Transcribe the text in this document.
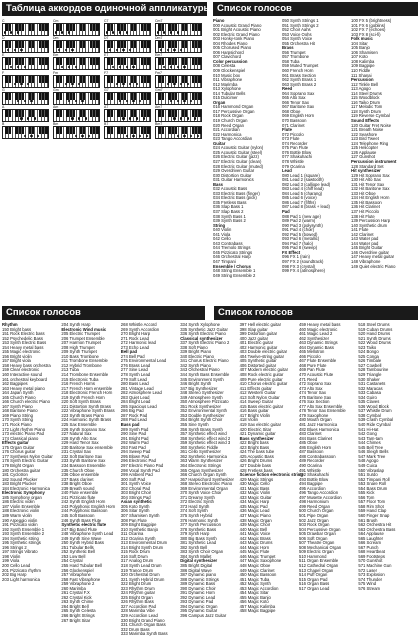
Таблица аккордов одиночной аппликатуры Список голосов
Список голосов	Список голосов
C	Cm	C7	Cm7
D	Dm	D7	Dm7
E	Em	E7	Em7
F	Fm	F7	Fm7
G	Gm	G7	Gm7
A	Am	A7	Am7
B	Bm	B7	Bm7
Piano
000 Acoustic Grand Piano
001 Bright Acoustic Piano
002 Electric Grand Piano
003 Honky-tonk Piano
004 Rhodes Piano
005 Chorused Piano
006 Harpsichord
007 Clavichord
Color percussion
008 Celesta
009 Glockenspiel
010 Music box
011 Vibraphone
012 Marimba
013 Xylophone
014 Tubular Bells
015 Dulcimer
Organ
016 Hammond Organ
017 Percussive Organ
018 Rock Organ
019 Church Organ
020 Reed Organ
021 Accordian
022 Harmonica
023 Tango Accordian
Guitar
024 Acoustic Guitar (nylon)
025 Acoustic Guitar (steel)
026 Electric Guitar (jazz)
027 Electric Guitar (clean)
028 Electric Guitar (muted)
029 Overdriven Guitar
030 Distortion Guitar
031 Guitar Harmonics
Bass
032 Acoustic Bass
033 Electric Bass (finger)
034 Electric Bass (pick)
035 Fretless Bass
036 Slap Bass 1
037 Slap Bass 2
038 Synth Bass 1
039 Synth Bass 2
String
040 Violin
041 Viola
042 Cello
043 Contrabass
044 Tremolo Strings
045 Pizzicato Strings
046 Orchestral Harp
047 Timpani
Ensemble / Chorus
048 String Ensemble 1
049 String Ensemble 2
050 Synth Strings 1
051 Synth Strings 2
052 Choir Aahs
053 Voice Oohs
054 Synth Voice
055 Orchestra Hit
Brass
056 Trumpet
057 Trombone
058 Tuba
059 Muted Trumpet
060 French Horn
061 Brass Section
062 Synth Brass 1
063 Synth Brass 2
Reed
064 Soprano Sax
065 Alto Sax
066 Tenor Sax
067 Baritone Sax
068 Oboe
069 English Horn
070 Bassoon
071 Clarinet
Flute
072 Piccolo
073 Flute
074 Recorder
075 Pan Flute
076 Bottle Blow
077 Shakuhachi
078 Whistle
079 Ocarina
Lead
080 Lead 1 (square)
081 Lead 2 (sawtooth)
082 Lead 3 (calliope lead)
083 Lead 4 (chiff lead)
084 Lead 5 (charang)
085 Lead 6 (voice)
086 Lead 7 (fifths)
087 Lead 8 (brass + lead)
Pad
088 Pad 1 (new age)
089 Pad 2 (warm)
090 Pad 3 (polysynth)
091 Pad 4 (choir)
092 Pad 5 (bowed)
093 Pad 6 (metallic)
094 Pad 7 (halo)
095 Pad 8 (sweep)
FX Effect
096 FX 1 (rain)
097 FX 2 (soundtrack)
098 FX 3 (crystal)
099 FX 4 (atmosphere)
100 FX 5 (brightness)
101 FX 6 (goblins)
102 FX 7 (echoes)
103 FX 8 (sci-fi)
Folk music
104 Sitar
105 Banjo
106 Shamisen
107 Koto
108 Kalimba
109 Bagpipe
110 Fiddle
111 Shanai
Percussion
112 Tinkle Bell
113 Agogo
114 Steel Drums
115 Woodblock
116 Taiko Drum
117 Melodic Tom
118 Synth Drum
119 Reverse Cymbal
Sound Effects
120 Guitar Fret Noise
121 Breath Noise
122 Seashore
123 Bird Tweet
124 Telephone Ring
125 Helicopter
126 Applause
127 Gunshot
Percussion instrument
128 Standard Set
Hit synthesizer
129 Hit Soprano Sax
130 Hit Alto Sax
131 Hit Tenor Sax
132 Hit Baritone Sax
133 Hit Oboe
134 Hit English Horn
135 Hit Bassoon
136 Hit Clarinet
137 Hit Piccolo
138 Hit Flute
139 Percussion Harp
140 Synthetic drum
141 Flute
142 Clarinet
143 Water pad
144 Water pad
145 Bright Guitar
146 Overdrive guitar
147 Heavy metal guitar
148 Vibraphone
149 Quiet electric Piano
Rhythm
150 Bright bass
151 Rock Electric bass
152 Psychedelic Bass
153 Synth Electric Bass
154 Heavy metal bass
155 Magic electronic
156 Bright violin
157 Bright viola
158 Heavy bass orchestra
159 Clear electronic
160 Interactive sound
161 orchestral keyboard
162 Bagpipes
163 Heavy metal piano
164 Japan Synth
165 Church Piano
166 Church electric Piano
167 Synth Piano
168 Baritone Piano
169 Piano String
170 Synth String
171 Rock Piano
172 Light rhythm Piano
173 electric Piano Pad
174 Classical piano
Effects guitar
175 Organ Guitar
176 Chorus guitar
177 Synthesis Nylon Guitar
178 Synth Electric Guitar
179 Bright Organ
180 Orchestra guitar
181 Cyclotron
182 Sound Plucker
183 Bright Plucker
184 Electronic Harmonica
Electronic Symphony
185 Symphony organ
186 Electric violin
187 Violin Ensemble
188 Electronic violin
189 Warm violin
190 Arpeggio violin
191 Pizzicato violin
192 Synth Ensemble 1
193 Synth Ensemble 2
194 Synthetic string
195 Synthetic strings
196 Strings 2
197 Strings Vibrato
198 Violin
199 Viola
200 Cello Lead
201 Pizzicato rhythm
202 Big Harp
203 Light harmonica
204 Synth Harp
Electronic Wind music
205 Electric Trumpet
206 Trumpet Ensemble
207 Harmon Trumpet
208 High Trumpet
209 Synth Trumpet
210 Bass Trombone
211 Trombone Ensemble
212 Hybrid Trombone
213 Tuba
214 Trombone Ensemble
215 Electronic Tuba
216 French Horns
217 French Horn ensemble
218 Electronic French Horn
219 Synth French Horn
220 Soft Synth Brass
221 Distortion Synth Brass
222 Vibraphone Synth Brass
223 Synth Brass Piano
224 Harmonic Synth Brass
225 Sax Ensemble
226 Synth Soprano Sax
227 Natural Sax
228 Synth Alto Sax
229 Hard Tenor Sax
230 Baritone Sax ensemble
231 Crystal Sax
232 Soft Baritone Sax
233 Synth Baritone Sax
234 Bassoon Ensemble
235 Church Oboe
236 Oboe ensemble
237 Bass clarinet
238 Bright Oboe
239 Breath sound
240 Flute ensemble
241 Pizzicato flute
242 Synth English Horn
243 Polyphonic English Horn
244 Polyphonic Bassoon
245 Soft Bassoon
246 Synth Bass Flute
Synthetic electric flute
247 Big Band Flute
248 Vibraphone Synth Lead
249 Synth Sine Wave
250 Synth Hybrid Bass
251 Tubular Bells
252 Synthetic Bell
253 Low Bell
254 Crystal
255 Hard Tubular Bell
256 Glockenspiel
257 Vibraphone
258 Fast Vibraphone
259 Vibraphone 2
260 Marimba
261 Crystal F.X
262 Crystal Kick
263 Synth Chime
264 Bright Bell
265 Synth Celesta
266 Bright Strings
267 Bright Sitar
268 Whistle Accord
269 Synth Accordion
270 Bright Harp
271 Rock Lead
272 Harmonic lead
273 Echo Lead
Bell pad
274 Bell Pad
275 Environmental Lead
276 Brass Lead
277 Sine Lead
278 Synth Lead
279 Soft Lead
280 Bass Lead
281 Vintage Lead
282 Atmosphere Lead
283 Quiet Lead
284 Bright Lead
285 Spacious Lead
286 Big Pad
287 Rock Pad
288 Pad Lead
Bass pad
289 Synth Pad
290 Sine Pad
291 Bright Pad
292 Warm Pad
293 Fast Pad
294 Sweep Pad
295 Blown Pad
296 Electronic Pad
297 Electric Piano Pad
298 Vocal Synth Pad
299 Ambient Pad
300 Soft Pad
301 Synth Voice
302 Choral Pad
303 Bright Choir
304 Strings Pad
Asian synthetic
305 Koto Synth
306 Sitar Synth
307 Shamisen Synth
308 Pan Flute
309 Bright Bagpipe
310 Synthetic Banjo
311 Ocarina
312 Ocarina Synth
313 Environmental Drum
314 Bright Synth Drum
315 Rock Drum
316 Soft Drum
317 Analog Drum
318 Synth Lead Drum
319 Trance Drum
320 Orchestral Drum
321 Synth Hybrid Drum
322 Bright Drum
323 Rhythm Drum
324 Rhythm guitar
325 Bright Organ
326 Rhythm Bass
327 Accordion Pad
328 Marimba Vibe
329 Accordion Lead
330 Bright Grand Piano
331 Church Organ Bass
332 Drum Bass
333 Marimba Synth Bass
334 Synth Xylophone
335 Synthetic Jazz Guitar
336 Synth Electric Piano
Classical synthesizer
337 Synth Electric Piano 2
338 Soft Piano
339 Bright Piano
340 Electric Piano
341 Chorus Electric Piano
342 Synth Piano
343 Orchestral Piano
344 Synth Bass Ensemble
345 Environment Synth
346 Bright Synth
347 Big Synthesizer
348 Stereo Synthesizer
349 Atmosphere Synth
350 Atmosphere Pizzicato
351 Rock Synthesizer
352 Environmental Synth
353 Double Synthesizer
354 Bright Synth Choir
355 Sine Synth
356 Synth Brass Synth
357 Synthetic effect wind
358 Synthetic effect wind 2
359 Synthetic effect wind 3
360 Synthetic Fiddle
361 Cello Synthesizer
362 Synthetic Harmonica
363 Warm Synthesizer
364 Electronic Strings
365 Organ Synthesizer
366 Church Organ Synth
367 Harpsichord Synthesizer
368 Stereo Electronic Piano
369 Environmental Organ
370 Synth Voice Choir
371 Dreamy Synth
372 Electric Synth
373 Hard Synth
374 Soft Synth
375 Synth Hybrid
376 Harmonic Synth
377 Synth Percussion
378 Synthetic Bass
379 Synth Harp
380 Big Bass Synth
381 Synthetic Lead
382 Synth Bell
383 Synth Choir Organ
384 Synth Mallet
Digital synthesizer
385 Bright Digital
386 Digital Wave
387 Dynamic piano
388 Dynamic Strings
389 Dynamic Bass
390 Dynamic Choir
391 Dynamic Horn
392 Dynamic Lead
393 Dynamic Pad
394 Dynamic Organ
395 Dynamic Guitar
396 Campus Jazz Guitar
397 Hell electric guitar
398 Slap guitar
399 Distortion guitar
400 Jazz guitar
401 Electric guitar
402 Harmonic guitar
403 Double electric guitar
404 Twelve-string guitar
405 Synthetic guitar
406 Distorted guitar
407 Modern electric guitar
408 Rock electric guitar
409 Pure electric guitar
410 Chorus electric guitar
411 Effects guitar
412 Western Guitar
413 Soft Nylon Guitar
414 Sweep Guitar
415 Bass electric guitar
416 Bass guitar
417 Bright Violin
418 Violin
419 Sax electric guitar
420 Electric Sitar
421 Dynamic guitar
Bass synthesizer
422 Bright bass
423 Bright Bass
424 The bass tube
425 Acoustic Bass
426 Bright Drums
427 Double bass
428 Fretless bass
Science fiction electronic string
429 Magic Strings
430 Magic Cello
431 Magic Bass
432 Magic Violin
433 Magic Guitar
434 Magic Harp
435 Magic Pad
436 Magic Lead
437 Magic Piano
438 Magic Organ
439 Magic Choir
440 Magic Bell
441 Magic Voice
442 Magic Brass
443 Magic Drums
444 Magic Horn
445 Magic Flute
446 Magic Trumpet
447 Magic Saxophone
448 Magic Oboe
449 Magic Clarinet
450 Magic Bassoon
451 Magic Tuba
452 Magic Synth
453 Magic Accordion
454 Magic Sitar
455 Magic Banjo
456 Magic Koto
457 Magic Kalimba
458 Magic Bagpipe
459 Heavy metal bass
460 Magic electronic
461 Magic Lead 2
462 Synthesizer
463 Dynamic Strings
464 Dynamic Bass
465 Mellotron
466 Piccolo
467 Flute Ensemble
468 Pure Flute
469 Pan Flute
470 Acoustic Flute
471 Reed
472 Soprano Sax
473 Alto Sax
474 Tenor Sax
475 Baritone Sax
476 Sax Section
477 Alto Sax Ensemble
478 Tenor Sax Ensemble
479 Saxophone
480 Mouth Organ
481 Jazz Harmonica
482 Blues Harmonica
483 Clarinet
484 Bass Clarinet
485 Oboe
486 English Horn
487 Bassoon
488 Contrabassoon
489 Recorder
490 Ocarina
491 Whistle
492 Shakuhachi
493 Bottle Blow
494 Bagpipe
495 Accordion
496 Tango Accordion
497 Musette Accordion
498 Harmonium
499 Reed Organ
500 Church Organ
501 Pipe Organ
502 Jazz Organ
503 Rock Organ
504 Percussive Organ
505 Drawbar Organ
506 Soft Organ
507 Theatre Organ
508 Mechanical Organ
509 Electric Organ
510 Hammond
511 Organ Ensemble
512 Cathedral Organ
513 Chapel Organ
514 Puff Organ
515 Organ Pad
516 Organ Bass
517 Organ Lead
518 Steel Drums
519 Cuban Drums
520 Hand Drums
521 Synth Drums
522 Wood Drums
523 Taiko
524 Bongo
525 Conga
526 Timbale
527 Cowbell
528 Tambourine
529 Triangle
530 Shaker
531 Castanets
532 Maracas
533 Cabasa
534 Guiro
535 Claves
536 Wood Block
537 Whistle Drum
538 Cymbal
539 Crash Cymbal
540 Ride Cymbal
541 Hi-Hat
542 Gong
543 Tam-tam
544 Chimes
545 Bell Tree
546 Sleigh Bells
547 Mark Tree
548 Agogo
549 Cuica
550 Vibraslap
551 Surdo
552 Timpani Roll
553 Snare Roll
554 Bass Drum
555 Kick
556 Tom
557 Floor Tom
558 Rim Shot
559 Hand Clap
560 Finger Snap
561 Brush
562 Orchestra Hit
563 Orchestra Bass
564 Applause
565 Laughter
566 Scream
567 Punch
568 Heartbeat
569 Footsteps
570 Gunshot
571 Machine Gun
572 Laser
573 Explosion
574 Thunder
575 Wind
576 Stream
